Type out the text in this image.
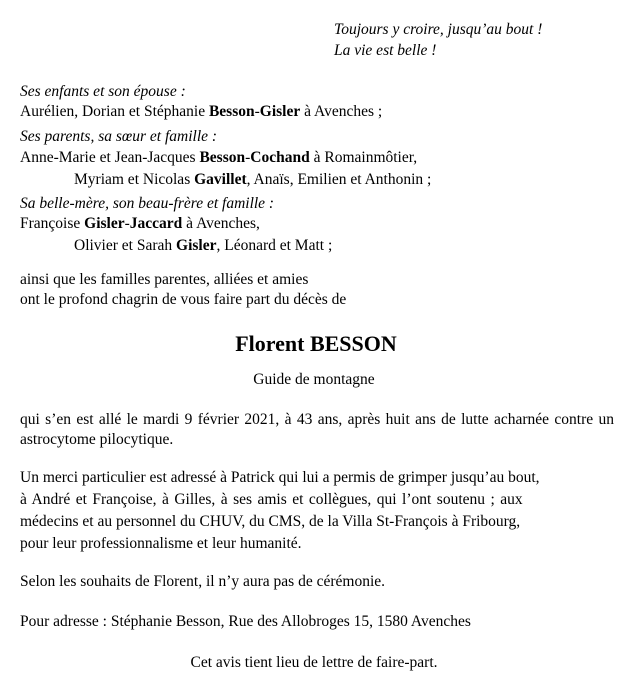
Toujours y croire, jusqu’au bout !
La vie est belle !
Ses enfants et son épouse :
Aurélien, Dorian et Stéphanie Besson-Gisler à Avenches ;
Ses parents, sa sœur et famille :
Anne-Marie et Jean-Jacques Besson-Cochand à Romainmôtier,
Myriam et Nicolas Gavillet, Anaïs, Emilien et Anthonin ;
Sa belle-mère, son beau-frère et famille :
Françoise Gisler-Jaccard à Avenches,
Olivier et Sarah Gisler, Léonard et Matt ;
ainsi que les familles parentes, alliées et amies
ont le profond chagrin de vous faire part du décès de
Florent BESSON
Guide de montagne
qui s’en est allé le mardi 9 février 2021, à 43 ans, après huit ans de lutte acharnée contre un astrocytome pilocytique.
Un merci particulier est adressé à Patrick qui lui a permis de grimper jusqu’au bout,
à André et Françoise, à Gilles, à ses amis et collègues, qui l’ont soutenu ; aux
médecins et au personnel du CHUV, du CMS, de la Villa St-François à Fribourg,
pour leur professionnalisme et leur humanité.
Selon les souhaits de Florent, il n’y aura pas de cérémonie.
Pour adresse : Stéphanie Besson, Rue des Allobroges 15, 1580 Avenches
Cet avis tient lieu de lettre de faire-part.
